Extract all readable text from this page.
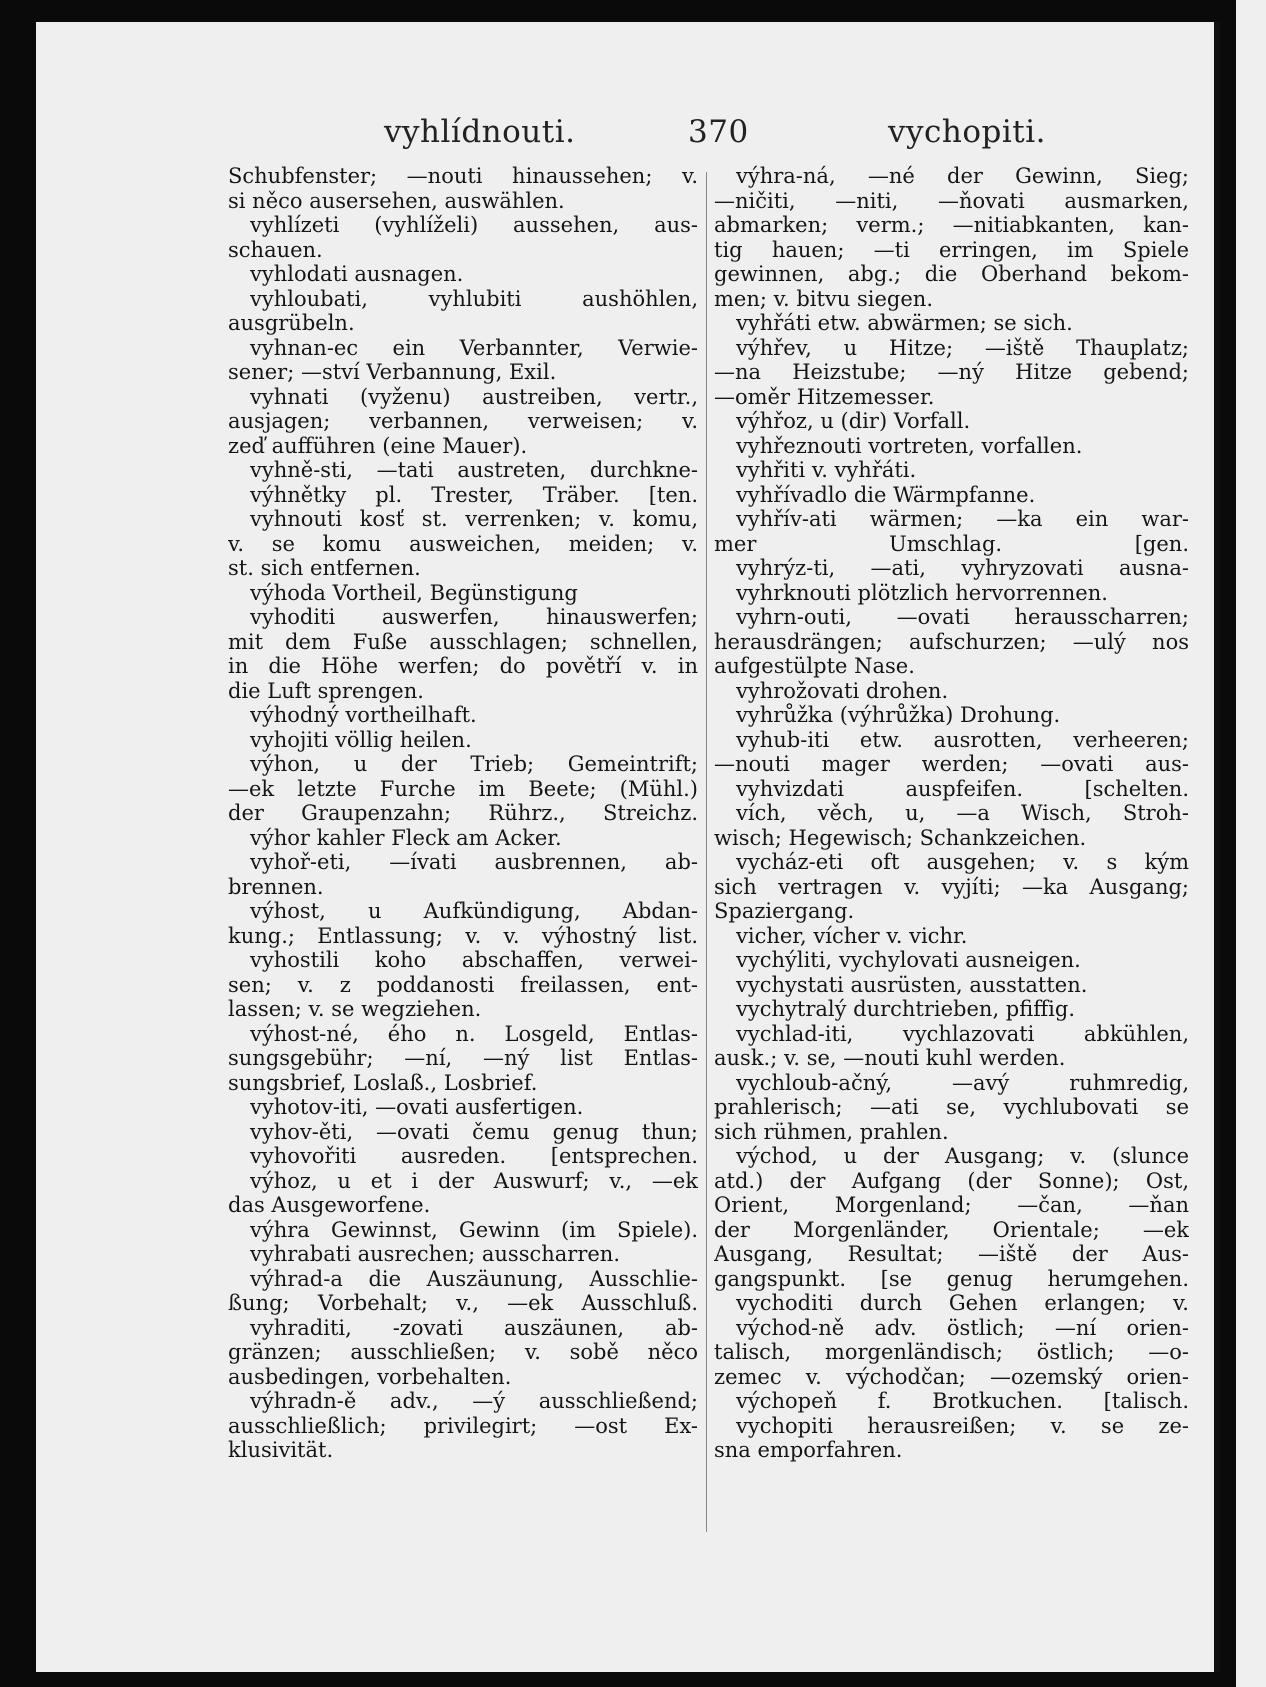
vyhlídnouti.	370	vychopiti.
Schubfenster; —nouti hinaussehen; v.
si něco ausersehen, auswählen.
vyhlízeti (vyhlíželi) aussehen, aus-
schauen.
vyhlodati ausnagen.
vyhloubati, vyhlubiti aushöhlen,
ausgrübeln.
vyhnan-ec ein Verbannter, Verwie-
sener; —ství Verbannung, Exil.
vyhnati (vyženu) austreiben, vertr.,
ausjagen; verbannen, verweisen; v.
zeď aufführen (eine Mauer).
vyhně-sti, —tati austreten, durchkne-
výhnětky pl. Trester, Träber. [ten.
vyhnouti kosť st. verrenken; v. komu,
v. se komu ausweichen, meiden; v.
st. sich entfernen.
výhoda Vortheil, Begünstigung
vyhoditi auswerfen, hinauswerfen;
mit dem Fuße ausschlagen; schnellen,
in die Höhe werfen; do povětří v. in
die Luft sprengen.
výhodný vortheilhaft.
vyhojiti völlig heilen.
výhon, u der Trieb; Gemeintrift;
—ek letzte Furche im Beete; (Mühl.)
der Graupenzahn; Rührz., Streichz.
výhor kahler Fleck am Acker.
vyhoř-eti, —ívati ausbrennen, ab-
brennen.
výhost, u Aufkündigung, Abdan-
kung.; Entlassung; v. v. výhostný list.
vyhostili koho abschaffen, verwei-
sen; v. z poddanosti freilassen, ent-
lassen; v. se wegziehen.
výhost-né, ého n. Losgeld, Entlas-
sungsgebühr; —ní, —ný list Entlas-
sungsbrief, Loslaß., Losbrief.
vyhotov-iti, —ovati ausfertigen.
vyhov-ěti, —ovati čemu genug thun;
vyhovořiti ausreden. [entsprechen.
výhoz, u et i der Auswurf; v., —ek
das Ausgeworfene.
výhra Gewinnst, Gewinn (im Spiele).
vyhrabati ausrechen; ausscharren.
výhrad-a die Auszäunung, Ausschlie-
ßung; Vorbehalt; v., —ek Ausschluß.
vyhraditi, -zovati auszäunen, ab-
gränzen; ausschließen; v. sobě něco
ausbedingen, vorbehalten.
výhradn-ě adv., —ý ausschließend;
ausschließlich; privilegirt; —ost Ex-
klusivität.
výhra-ná, —né der Gewinn, Sieg;
—ničiti, —niti, —ňovati ausmarken,
abmarken; verm.; —nitiabkanten, kan-
tig hauen; —ti erringen, im Spiele
gewinnen, abg.; die Oberhand bekom-
men; v. bitvu siegen.
vyhřáti etw. abwärmen; se sich.
výhřev, u Hitze; —iště Thauplatz;
—na Heizstube; —ný Hitze gebend;
—oměr Hitzemesser.
výhřoz, u (dir) Vorfall.
vyhřeznouti vortreten, vorfallen.
vyhřiti v. vyhřáti.
vyhřívadlo die Wärmpfanne.
vyhřív-ati wärmen; —ka ein war-
mer Umschlag. [gen.
vyhrýz-ti, —ati, vyhryzovati ausna-
vyhrknouti plötzlich hervorrennen.
vyhrn-outi, —ovati herausscharren;
herausdrängen; aufschurzen; —ulý nos
aufgestülpte Nase.
vyhrožovati drohen.
vyhrůžka (výhrůžka) Drohung.
vyhub-iti etw. ausrotten, verheeren;
—nouti mager werden; —ovati aus-
vyhvizdati auspfeifen. [schelten.
vích, věch, u, —a Wisch, Stroh-
wisch; Hegewisch; Schankzeichen.
vycház-eti oft ausgehen; v. s kým
sich vertragen v. vyjíti; —ka Ausgang;
Spaziergang.
vicher, vícher v. vichr.
vychýliti, vychylovati ausneigen.
vychystati ausrüsten, ausstatten.
vychytralý durchtrieben, pfiffig.
vychlad-iti, vychlazovati abkühlen,
ausk.; v. se, —nouti kuhl werden.
vychloub-ačný, —avý ruhmredig,
prahlerisch; —ati se, vychlubovati se
sich rühmen, prahlen.
východ, u der Ausgang; v. (slunce
atd.) der Aufgang (der Sonne); Ost,
Orient, Morgenland; —čan, —ňan
der Morgenländer, Orientale; —ek
Ausgang, Resultat; —iště der Aus-
gangspunkt. [se genug herumgehen.
vychoditi durch Gehen erlangen; v.
východ-ně adv. östlich; —ní orien-
talisch, morgenländisch; östlich; —o-
zemec v. východčan; —ozemský orien-
výchopeň f. Brotkuchen. [talisch.
vychopiti herausreißen; v. se ze-
sna emporfahren.
